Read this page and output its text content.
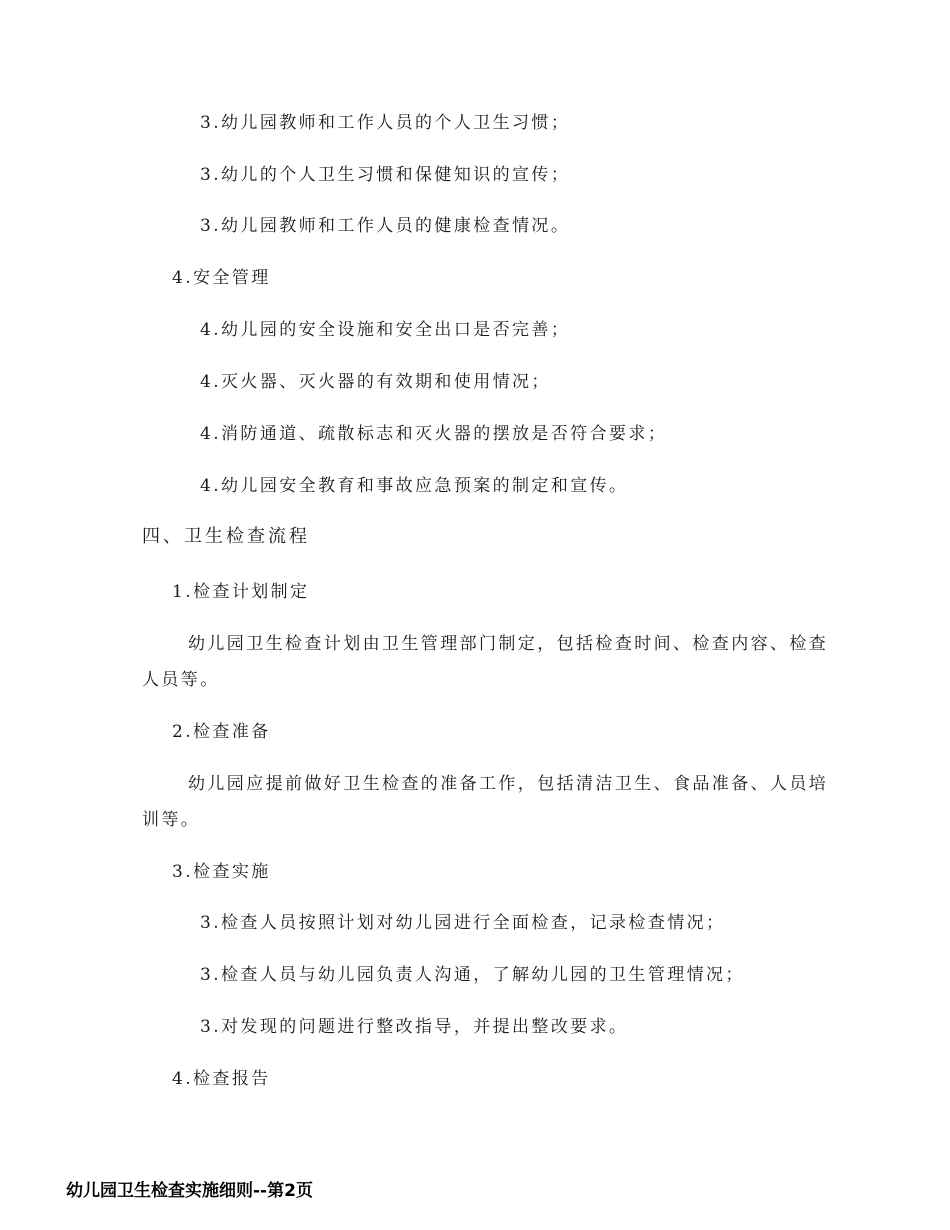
3.幼儿园教师和工作人员的个人卫生习惯；
3.幼儿的个人卫生习惯和保健知识的宣传；
3.幼儿园教师和工作人员的健康检查情况。
4.安全管理
4.幼儿园的安全设施和安全出口是否完善；
4.灭火器、灭火器的有效期和使用情况；
4.消防通道、疏散标志和灭火器的摆放是否符合要求；
4.幼儿园安全教育和事故应急预案的制定和宣传。
四、卫生检查流程
1.检查计划制定
幼儿园卫生检查计划由卫生管理部门制定，包括检查时间、检查内容、检查
人员等。
2.检查准备
幼儿园应提前做好卫生检查的准备工作，包括清洁卫生、食品准备、人员培
训等。
3.检查实施
3.检查人员按照计划对幼儿园进行全面检查，记录检查情况；
3.检查人员与幼儿园负责人沟通，了解幼儿园的卫生管理情况；
3.对发现的问题进行整改指导，并提出整改要求。
4.检查报告
幼儿园卫生检查实施细则--第2页
